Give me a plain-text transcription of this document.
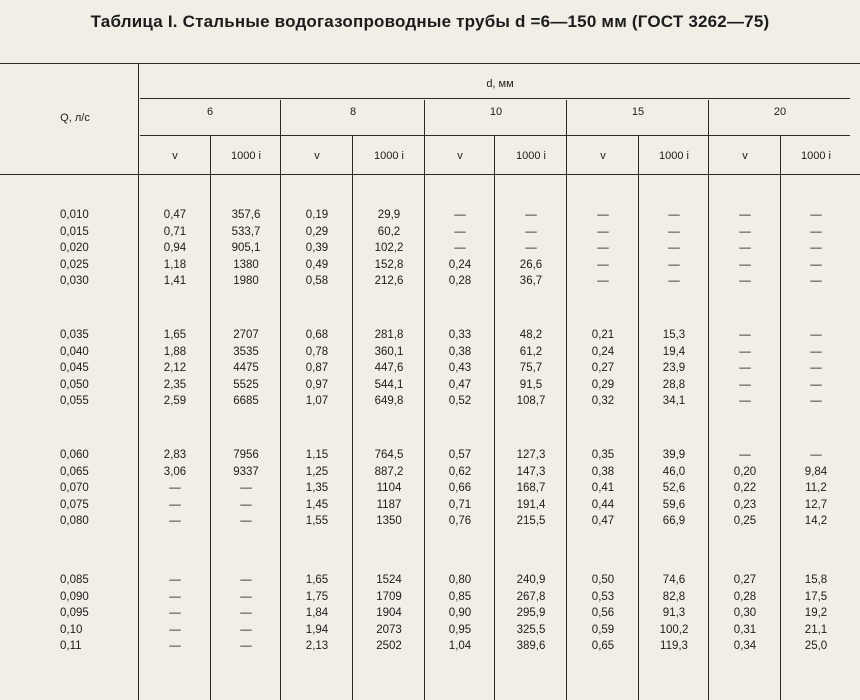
Таблица I. Стальные водогазопроводные трубы d =6—150 мм (ГОСТ 3262—75)
Q, л/с
d, мм
6	8	10	15	20
v	1000 i	v	1000 i	v	1000 i	v	1000 i	v	1000 i
0,010	0,47	357,6	0,19	29,9	—	—	—	—	—	—
0,015	0,71	533,7	0,29	60,2	—	—	—	—	—	—
0,020	0,94	905,1	0,39	102,2	—	—	—	—	—	—
0,025	1,18	1380	0,49	152,8	0,24	26,6	—	—	—	—
0,030	1,41	1980	0,58	212,6	0,28	36,7	—	—	—	—
0,035	1,65	2707	0,68	281,8	0,33	48,2	0,21	15,3	—	—
0,040	1,88	3535	0,78	360,1	0,38	61,2	0,24	19,4	—	—
0,045	2,12	4475	0,87	447,6	0,43	75,7	0,27	23,9	—	—
0,050	2,35	5525	0,97	544,1	0,47	91,5	0,29	28,8	—	—
0,055	2,59	6685	1,07	649,8	0,52	108,7	0,32	34,1	—	—
0,060	2,83	7956	1,15	764,5	0,57	127,3	0,35	39,9	—	—
0,065	3,06	9337	1,25	887,2	0,62	147,3	0,38	46,0	0,20	9,84
0,070	—	—	1,35	1104	0,66	168,7	0,41	52,6	0,22	11,2
0,075	—	—	1,45	1187	0,71	191,4	0,44	59,6	0,23	12,7
0,080	—	—	1,55	1350	0,76	215,5	0,47	66,9	0,25	14,2
0,085	—	—	1,65	1524	0,80	240,9	0,50	74,6	0,27	15,8
0,090	—	—	1,75	1709	0,85	267,8	0,53	82,8	0,28	17,5
0,095	—	—	1,84	1904	0,90	295,9	0,56	91,3	0,30	19,2
0,10	—	—	1,94	2073	0,95	325,5	0,59	100,2	0,31	21,1
0,11	—	—	2,13	2502	1,04	389,6	0,65	119,3	0,34	25,0
